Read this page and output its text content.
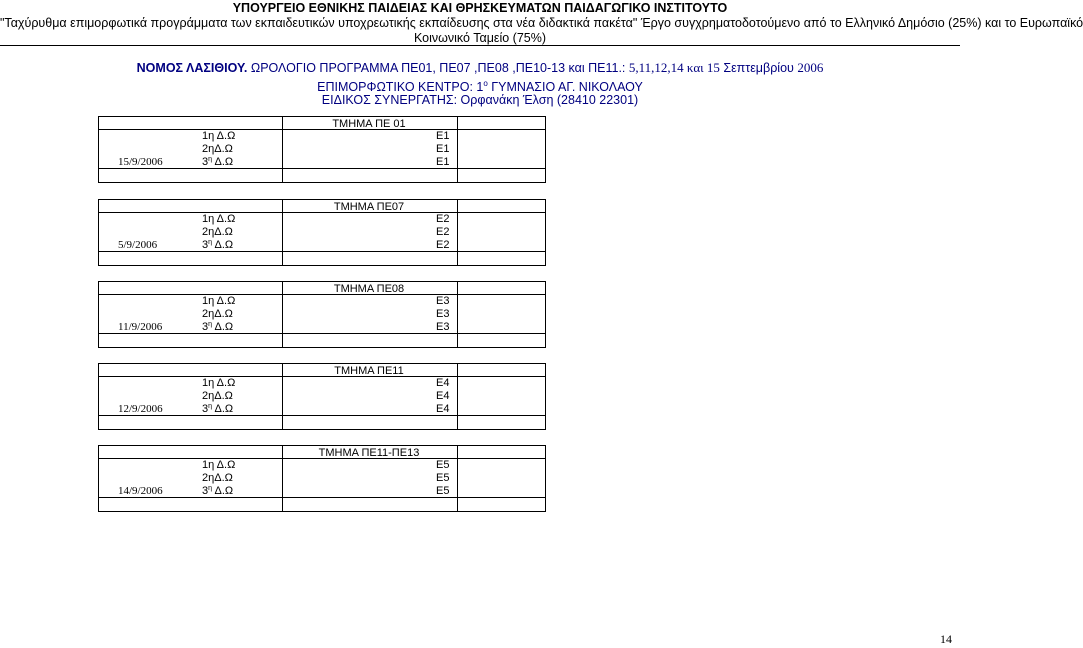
ΥΠΟΥΡΓΕΙΟ ΕΘΝΙΚΗΣ ΠΑΙΔΕΙΑΣ ΚΑΙ ΘΡΗΣΚΕΥΜΑΤΩΝ ΠΑΙΔΑΓΩΓΙΚΟ ΙΝΣΤΙΤΟΥΤΟ
"Ταχύρυθμα επιμορφωτικά προγράμματα των εκπαιδευτικών υποχρεωτικής εκπαίδευσης στα νέα διδακτικά πακέτα" Έργο συγχρηματοδοτούμενο από το Ελληνικό Δημόσιο (25%) και το Ευρωπαϊκό
Κοινωνικό Ταμείο (75%)
ΝΟΜΟΣ ΛΑΣΙΘΙΟΥ. ΩΡΟΛΟΓΙΟ ΠΡΟΓΡΑΜΜΑ ΠΕ01, ΠΕ07 ,ΠΕ08 ,ΠΕ10-13 και ΠΕ11.: 5,11,12,14 και 15 Σεπτεμβρίου 2006
ΕΠΙΜΟΡΦΩΤΙΚΟ ΚΕΝΤΡΟ: $1^o$ ΓΥΜΝΑΣΙΟ ΑΓ. ΝΙΚΟΛΑΟΥ
ΕΙΔΙΚΟΣ ΣΥΝΕΡΓΑΤΗΣ: Ορφανάκη Έλση (28410 22301)
ΤΜΗΜΑ ΠΕ 01
1η Δ.Ω
2ηΔ.Ω
$3^\eta$ Δ.Ω
Ε1
Ε1
Ε1
15/9/2006
ΤΜΗΜΑ ΠΕ07
1η Δ.Ω
2ηΔ.Ω
$3^\eta$ Δ.Ω
Ε2
Ε2
Ε2
5/9/2006
ΤΜΗΜΑ ΠΕ08
1η Δ.Ω
2ηΔ.Ω
$3^\eta$ Δ.Ω
Ε3
Ε3
Ε3
11/9/2006
ΤΜΗΜΑ ΠΕ11
1η Δ.Ω
2ηΔ.Ω
$3^\eta$ Δ.Ω
Ε4
Ε4
Ε4
12/9/2006
ΤΜΗΜΑ ΠΕ11-ΠΕ13
1η Δ.Ω
2ηΔ.Ω
$3^\eta$ Δ.Ω
Ε5
Ε5
Ε5
14/9/2006
14
